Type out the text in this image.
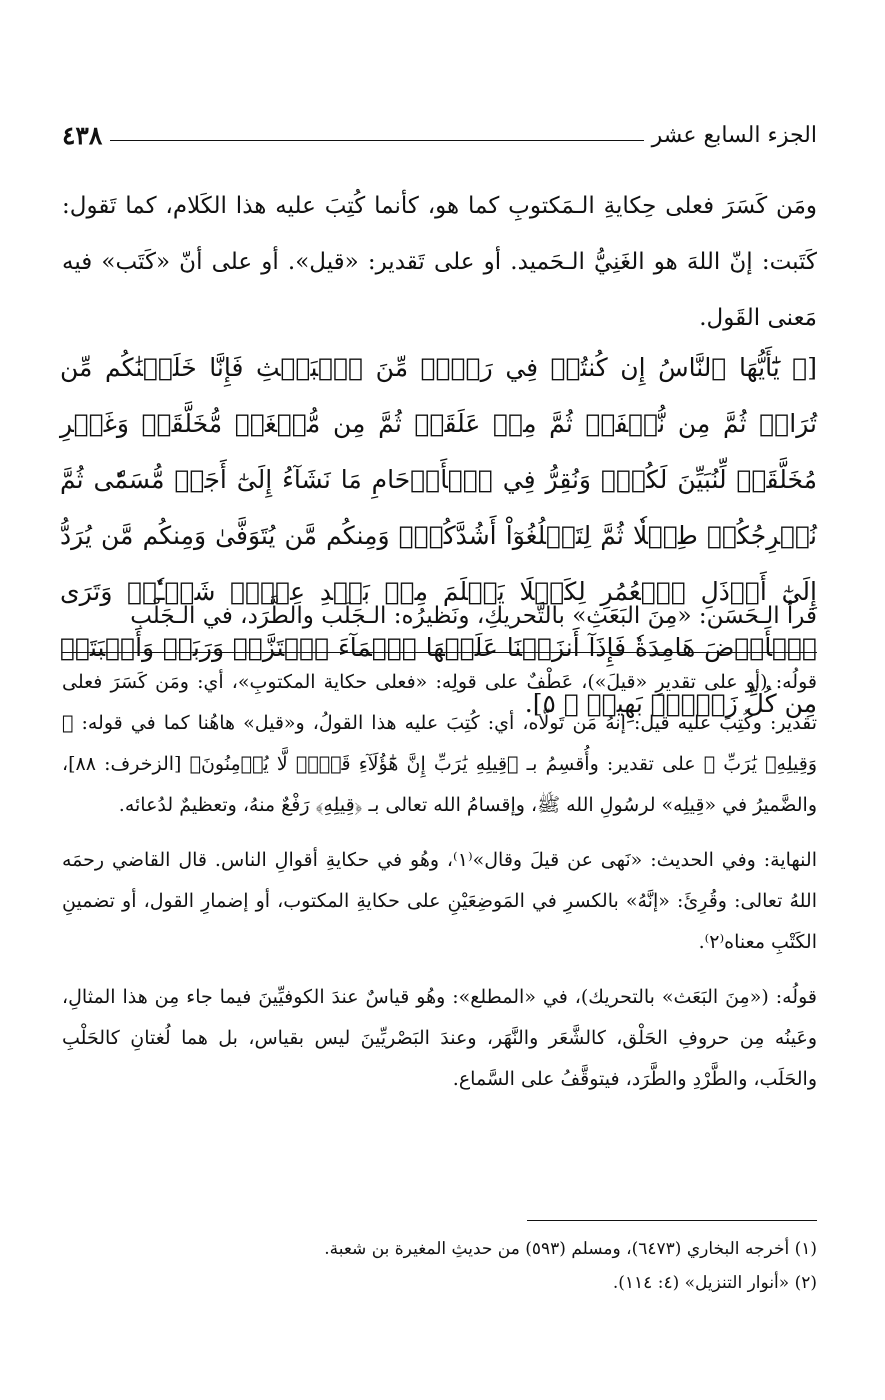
الجزء السابع عشر
٤٣٨
ومَن كَسَرَ فعلى حِكايةِ الـمَكتوبِ كما هو، كأنما كُتِبَ عليه هذا الكَلام، كما تَقول: كَتَبت: إنّ اللهَ هو الغَنِيُّ الـحَميد. أو على تَقدير: «قيل». أو على أنّ «كَتَب» فيه مَعنى القَول.
[﴿ يَٰٓأَيُّهَا ٱلنَّاسُ إِن كُنتُمۡ فِي رَيۡبٖ مِّنَ ٱلۡبَعۡثِ فَإِنَّا خَلَقۡنَٰكُم مِّن تُرَابٖ ثُمَّ مِن نُّطۡفَةٖ ثُمَّ مِنۡ عَلَقَةٖ ثُمَّ مِن مُّضۡغَةٖ مُّخَلَّقَةٖ وَغَيۡرِ مُخَلَّقَةٖ لِّنُبَيِّنَ لَكُمۡۚ وَنُقِرُّ فِي ٱلۡأَرۡحَامِ مَا نَشَآءُ إِلَىٰٓ أَجَلٖ مُّسَمّٗى ثُمَّ نُخۡرِجُكُمۡ طِفۡلٗا ثُمَّ لِتَبۡلُغُوٓاْ أَشُدَّكُمۡۖ وَمِنكُم مَّن يُتَوَفَّىٰ وَمِنكُم مَّن يُرَدُّ إِلَىٰٓ أَرۡذَلِ ٱلۡعُمُرِ لِكَيۡلَا يَعۡلَمَ مِنۢ بَعۡدِ عِلۡمٖ شَيۡـٔٗاۚ وَتَرَى ٱلۡأَرۡضَ هَامِدَةٗ فَإِذَآ أَنزَلۡنَا عَلَيۡهَا ٱلۡمَآءَ ٱهۡتَزَّتۡ وَرَبَتۡ وَأَنۢبَتَتۡ مِن كُلِّ زَوۡجِۢ بَهِيجٖ ﴾ ٥].
قرأ الـحَسَن: «مِنَ البَعَثِ» بالتَّحريكِ، ونَظيرُه: الـجَلَب والطَّرَد، في الـجَلْب

قولُه: (أو على تقديرِ «قيلَ»)، عَطْفٌ على قولِه: «فعلى حكاية المكتوبِ»، أي: ومَن كَسَرَ فعلى تقدير: وكُتِبَ عليه قيل: إنهُ مَن تَولّاه، أي: كُتِبَ عليه هذا القولُ، و«قيل» هاهُنا كما في قوله: ﴿ وَقِيلِهِۦ يَٰرَبِّ ﴾ على تقدير: وأُقسِمُ بـ ﴿قِيلِهِ يَٰرَبِّ إِنَّ هَٰٓؤُلَآءِ قَوۡمٞ لَّا يُؤۡمِنُونَ﴾ [الزخرف: ٨٨]، والضَّميرُ في «قِيلِه» لرسُولِ الله ﷺ، وإقسامُ الله تعالى بـ ﴿قِيلِهِ﴾ رَفْعٌ منهُ، وتعظيمٌ لدُعائه.

النهاية: وفي الحديث: «نَهى عن قيلَ وقال»⁽١⁾، وهُو في حكايةِ أقوالِ الناس. قال القاضي رحمَه اللهُ تعالى: وقُرِئَ: «إنَّهُ» بالكسرِ في المَوضِعَيْنِ على حكايةِ المكتوب، أو إضمارِ القول، أو تضمينِ الكَتْبِ معناه⁽٢⁾.

قولُه: («مِنَ البَعَث» بالتحريك)، في «المطلع»: وهُو قياسٌ عندَ الكوفيِّينَ فيما جاء مِن هذا المثالِ، وعَينُه مِن حروفِ الحَلْق، كالشَّعَر والنَّهَر، وعندَ البَصْريِّينَ ليس بقياس، بل هما لُغتانِ كالحَلْبِ والحَلَب، والطَّرْدِ والطَّرَد، فيتوقَّفُ على السَّماع.

(١) أخرجه البخاري (٦٤٧٣)، ومسلم (٥٩٣) من حديثِ المغيرة بن شعبة.
(٢) «أنوار التنزيل» (٤: ١١٤).
